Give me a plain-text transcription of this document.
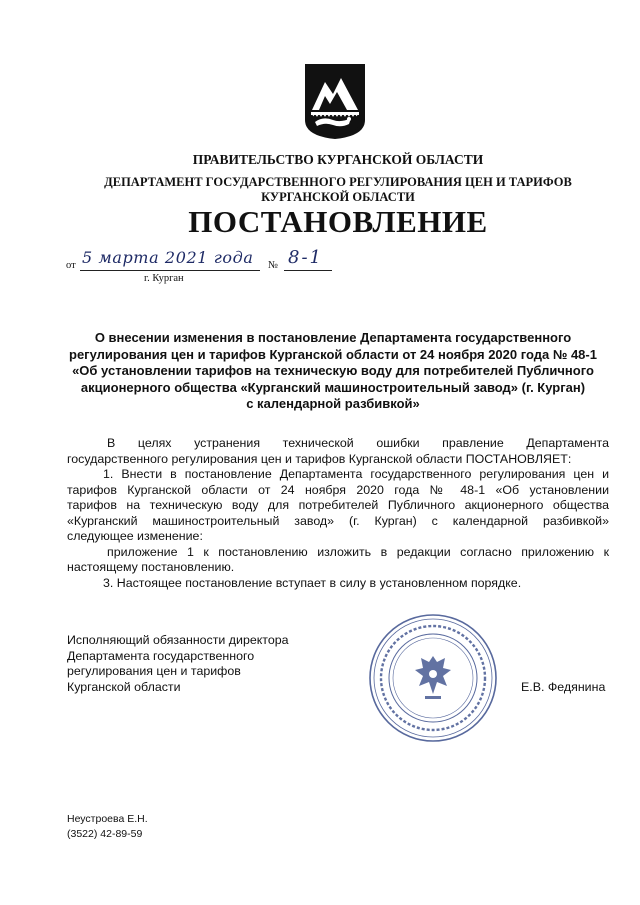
ПРАВИТЕЛЬСТВО КУРГАНСКОЙ ОБЛАСТИ
ДЕПАРТАМЕНТ ГОСУДАРСТВЕННОГО РЕГУЛИРОВАНИЯ ЦЕН И ТАРИФОВ
КУРГАНСКОЙ ОБЛАСТИ
ПОСТАНОВЛЕНИЕ
от 5 марта 2021 года № 8-1
г. Курган
О внесении изменения в постановление Департамента государственного
регулирования цен и тарифов Курганской области от 24 ноября 2020 года № 48-1
«Об установлении тарифов на техническую воду для потребителей Публичного
акционерного общества «Курганский машиностроительный завод» (г. Курган)
с календарной разбивкой»
В целях устранения технической ошибки правление Департамента
государственного регулирования цен и тарифов Курганской области ПОСТАНОВЛЯЕТ:
1. Внести в постановление Департамента государственного регулирования цен и
тарифов Курганской области от 24 ноября 2020 года № 48-1 «Об установлении
тарифов на техническую воду для потребителей Публичного акционерного общества
«Курганский машиностроительный завод» (г. Курган) с календарной разбивкой»
следующее изменение:
приложение 1 к постановлению изложить в редакции согласно приложению к
настоящему постановлению.
3. Настоящее постановление вступает в силу в установленном порядке.
Исполняющий обязанности директора
Департамента государственного
регулирования цен и тарифов
Курганской области	Е.В. Федянина
Неустроева Е.Н.
(3522) 42-89-59
